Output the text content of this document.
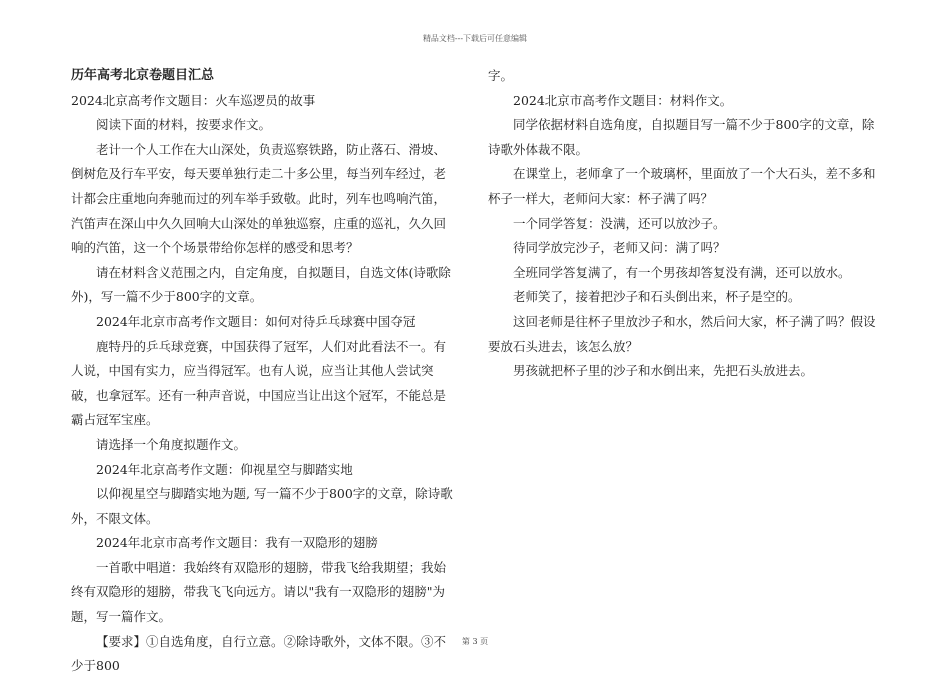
精品文档---下载后可任意编辑
历年高考北京卷题目汇总

2024北京高考作文题目：火车巡逻员的故事

阅读下面的材料，按要求作文。

老计一个人工作在大山深处，负责巡察铁路，防止落石、滑坡、倒树危及行车平安，每天要单独行走二十多公里，每当列车经过，老计都会庄重地向奔驰而过的列车举手致敬。此时，列车也鸣响汽笛，汽笛声在深山中久久回响大山深处的单独巡察，庄重的巡礼，久久回响的汽笛，这一个个场景带给你怎样的感受和思考？

请在材料含义范围之内，自定角度，自拟题目，自选文体(诗歌除外)，写一篇不少于800字的文章。

2024年北京市高考作文题目：如何对待乒乓球赛中国夺冠

鹿特丹的乒乓球竞赛，中国获得了冠军，人们对此看法不一。有人说，中国有实力，应当得冠军。也有人说，应当让其他人尝试突破，也拿冠军。还有一种声音说，中国应当让出这个冠军，不能总是霸占冠军宝座。

请选择一个角度拟题作文。

2024年北京高考作文题：仰视星空与脚踏实地

以仰视星空与脚踏实地为题, 写一篇不少于800字的文章，除诗歌外，不限文体。

2024年北京市高考作文题目：我有一双隐形的翅膀

一首歌中唱道：我始终有双隐形的翅膀，带我飞给我期望；我始终有双隐形的翅膀，带我飞飞向远方。请以"我有一双隐形的翅膀"为题，写一篇作文。

【要求】①自选角度，自行立意。②除诗歌外，文体不限。③不少于800

字。

2024北京市高考作文题目：材料作文。

同学依据材料自选角度，自拟题目写一篇不少于800字的文章，除诗歌外体裁不限。

在课堂上，老师拿了一个玻璃杯，里面放了一个大石头，差不多和杯子一样大，老师问大家：杯子满了吗？

一个同学答复：没满，还可以放沙子。

待同学放完沙子，老师又问：满了吗？

全班同学答复满了，有一个男孩却答复没有满，还可以放水。

老师笑了，接着把沙子和石头倒出来，杯子是空的。

这回老师是往杯子里放沙子和水，然后问大家，杯子满了吗？假设要放石头进去，该怎么放？

男孩就把杯子里的沙子和水倒出来，先把石头放进去。

第 3 页
